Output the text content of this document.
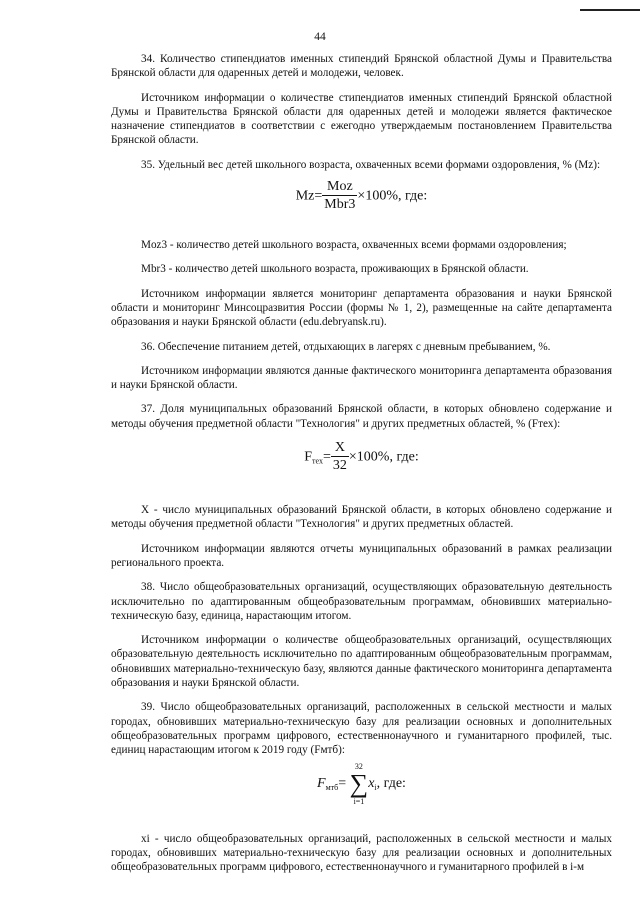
44

34. Количество стипендиатов именных стипендий Брянской областной Думы и Правительства Брянской области для одаренных детей и молодежи, человек.

Источником информации о количестве стипендиатов именных стипендий Брянской областной Думы и Правительства Брянской области для одаренных детей и молодежи является фактическое назначение стипендиатов в соответствии с ежегодно утверждаемым постановлением Правительства Брянской области.

35. Удельный вес детей школьного возраста, охваченных всеми формами оздоровления, % (Mz):

$Mz= \frac{\text{Moz}}{\text{Mbr3}} \times 100\%$, где:

Moz3 - количество детей школьного возраста, охваченных всеми формами оздоровления;

Mbr3 - количество детей школьного возраста, проживающих в Брянской области.

Источником информации является мониторинг департамента образования и науки Брянской области и мониторинг Минсоцразвития России (формы № 1, 2), размещенные на сайте департамента образования и науки Брянской области (edu.debryansk.ru).

36. Обеспечение питанием детей, отдыхающих в лагерях с дневным пребыванием, %.

Источником информации являются данные фактического мониторинга департамента образования и науки Брянской области.

37. Доля муниципальных образований Брянской области, в которых обновлено содержание и методы обучения предметной области "Технология" и других предметных областей, % (Fтех):

$F_{тех}= \frac{X}{32} \times 100\%$, где:

X - число муниципальных образований Брянской области, в которых обновлено содержание и методы обучения предметной области "Технология" и других предметных областей.

Источником информации являются отчеты муниципальных образований в рамках реализации регионального проекта.

38. Число общеобразовательных организаций, осуществляющих образовательную деятельность исключительно по адаптированным общеобразовательным программам, обновивших материально-техническую базу, единица, нарастающим итогом.

Источником информации о количестве общеобразовательных организаций, осуществляющих образовательную деятельность исключительно по адаптированным общеобразовательным программам, обновивших материально-техническую базу, являются данные фактического мониторинга департамента образования и науки Брянской области.

39. Число общеобразовательных организаций, расположенных в сельской местности и малых городах, обновивших материально-техническую базу для реализации основных и дополнительных общеобразовательных программ цифрового, естественнонаучного и гуманитарного профилей, тыс. единиц нарастающим итогом к 2019 году (Fмтб):

$F_{мтб}=$
32
∑
i=1
$x_i$, где:

xi - число общеобразовательных организаций, расположенных в сельской местности и малых городах, обновивших материально-техническую базу для реализации основных и дополнительных общеобразовательных программ цифрового, естественнонаучного и гуманитарного профилей в i-м
